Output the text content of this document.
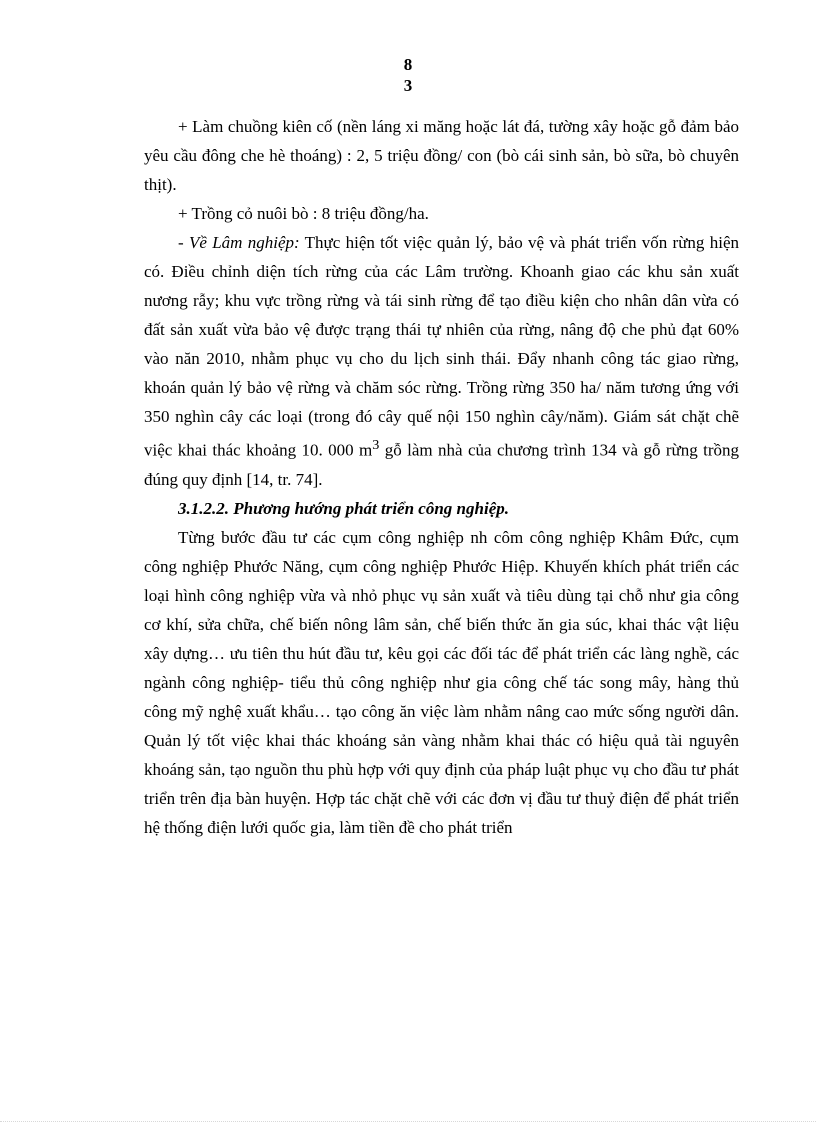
8
3

+ Làm chuồng kiên cố (nền láng xi măng hoặc lát đá, tường xây hoặc gỗ đảm bảo yêu cầu đông che hè thoáng) : 2, 5 triệu đồng/ con (bò cái sinh sản, bò sữa, bò chuyên thịt).

+ Trồng cỏ nuôi bò : 8 triệu đồng/ha.

- Về Lâm nghiệp: Thực hiện tốt việc quản lý, bảo vệ và phát triển vốn rừng hiện có. Điều chỉnh diện tích rừng của các Lâm trường. Khoanh giao các khu sản xuất nương rẫy; khu vực trồng rừng và tái sinh rừng để tạo điều kiện cho nhân dân vừa có đất sản xuất vừa bảo vệ được trạng thái tự nhiên của rừng, nâng độ che phủ đạt 60% vào năn 2010, nhằm phục vụ cho du lịch sinh thái. Đẩy nhanh công tác giao rừng, khoán quản lý bảo vệ rừng và chăm sóc rừng. Trồng rừng 350 ha/ năm tương ứng với 350 nghìn cây các loại (trong đó cây quế nội 150 nghìn cây/năm). Giám sát chặt chẽ việc khai thác khoảng 10. 000 $m^3$ gỗ làm nhà của chương trình 134 và gỗ rừng trồng đúng quy định [14, tr. 74].

3.1.2.2. Phương hướng phát triển công nghiệp.

Từng bước đầu tư các cụm công nghiệp nh côm công nghiệp Khâm Đức, cụm công nghiệp Phước Năng, cụm công nghiệp Phước Hiệp. Khuyến khích phát triển các loại hình công nghiệp vừa và nhỏ phục vụ sản xuất và tiêu dùng tại chỗ như gia công cơ khí, sửa chữa, chế biến nông lâm sản, chế biến thức ăn gia súc, khai thác vật liệu xây dựng… ưu tiên thu hút đầu tư, kêu gọi các đối tác để phát triển các làng nghề, các ngành công nghiệp- tiểu thủ công nghiệp như gia công chế tác song mây, hàng thủ công mỹ nghệ xuất khẩu… tạo công ăn việc làm nhằm nâng cao mức sống người dân. Quản lý tốt việc khai thác khoáng sản vàng nhằm khai thác có hiệu quả tài nguyên khoáng sản, tạo nguồn thu phù hợp với quy định của pháp luật phục vụ cho đầu tư phát triển trên địa bàn huyện. Hợp tác chặt chẽ với các đơn vị đầu tư thuỷ điện để phát triển hệ thống điện lưới quốc gia, làm tiền đề cho phát triển
